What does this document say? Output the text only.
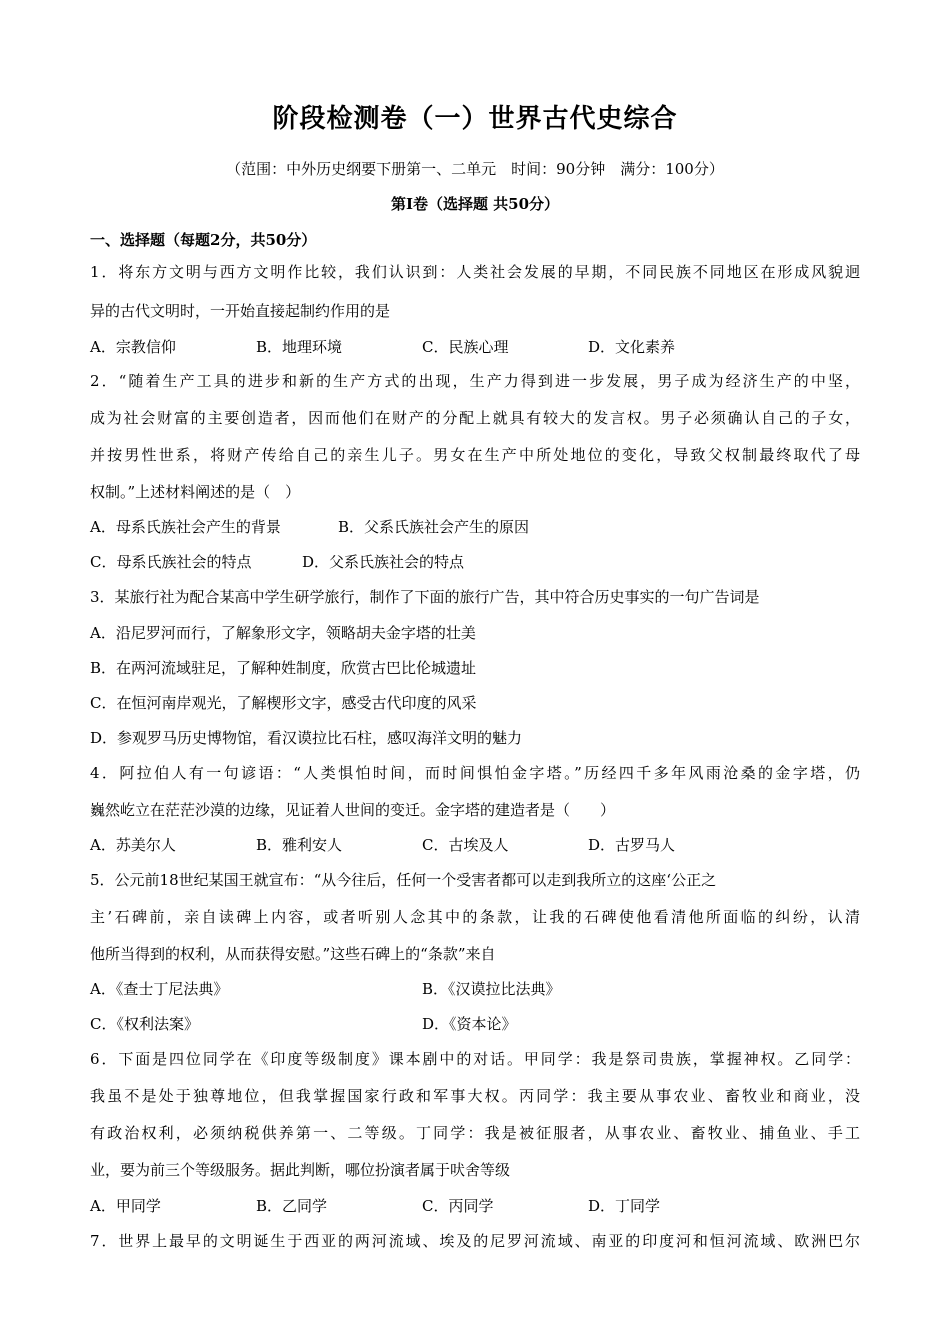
阶段检测卷（一）世界古代史综合

（范围：中外历史纲要下册第一、二单元　时间：90分钟　满分：100分）

第Ⅰ卷（选择题 共50分）

一、选择题（每题2分，共50分）

1．将东方文明与西方文明作比较，我们认识到：人类社会发展的早期，不同民族不同地区在形成风貌迥
异的古代文明时，一开始直接起制约作用的是
A．宗教信仰	B．地理环境	C．民族心理	D．文化素养
2．“随着生产工具的进步和新的生产方式的出现，生产力得到进一步发展，男子成为经济生产的中坚，
成为社会财富的主要创造者，因而他们在财产的分配上就具有较大的发言权。男子必须确认自己的子女，
并按男性世系，将财产传给自己的亲生儿子。男女在生产中所处地位的变化，导致父权制最终取代了母
权制。”上述材料阐述的是（　）
A．母系氏族社会产生的背景	B．父系氏族社会产生的原因
C．母系氏族社会的特点	D．父系氏族社会的特点
3．某旅行社为配合某高中学生研学旅行，制作了下面的旅行广告，其中符合历史事实的一句广告词是
A．沿尼罗河而行，了解象形文字，领略胡夫金字塔的壮美
B．在两河流域驻足，了解种姓制度，欣赏古巴比伦城遗址
C．在恒河南岸观光，了解楔形文字，感受古代印度的风采
D．参观罗马历史博物馆，看汉谟拉比石柱，感叹海洋文明的魅力
4．阿拉伯人有一句谚语：“人类惧怕时间，而时间惧怕金字塔。”历经四千多年风雨沧桑的金字塔，仍
巍然屹立在茫茫沙漠的边缘，见证着人世间的变迁。金字塔的建造者是（　　）
A．苏美尔人	B．雅利安人	C．古埃及人	D．古罗马人
5．公元前18世纪某国王就宣布：“从今往后，任何一个受害者都可以走到我所立的这座‘公正之
主’石碑前，亲自读碑上内容，或者听别人念其中的条款，让我的石碑使他看清他所面临的纠纷，认清
他所当得到的权利，从而获得安慰。”这些石碑上的“条款”来自
A．《查士丁尼法典》	B．《汉谟拉比法典》
C．《权利法案》	D．《资本论》
6．下面是四位同学在《印度等级制度》课本剧中的对话。甲同学：我是祭司贵族，掌握神权。乙同学：
我虽不是处于独尊地位，但我掌握国家行政和军事大权。丙同学：我主要从事农业、畜牧业和商业，没
有政治权利，必须纳税供养第一、二等级。丁同学：我是被征服者，从事农业、畜牧业、捕鱼业、手工
业，要为前三个等级服务。据此判断，哪位扮演者属于吠舍等级
A．甲同学	B．乙同学	C．丙同学	D．丁同学
7．世界上最早的文明诞生于西亚的两河流域、埃及的尼罗河流域、南亚的印度河和恒河流域、欧洲巴尔
